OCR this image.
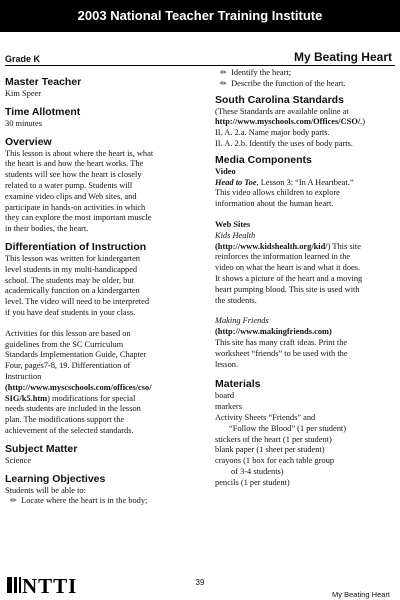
2003 National Teacher Training Institute
Grade K	My Beating Heart
Master Teacher

Kim Speer

Time Allotment

30 minutes

Overview

This lesson is about where the heart is, what

the heart is and how the heart works. The

students will see how the heart is closely

related to a water pump. Students will

examine video clips and Web sites, and

participate in hands-on activities in which

they can explore the most important muscle

in their bodies, the heart.

Differentiation of Instruction

This lesson was written for kindergarten

level students in my multi-handicapped

school. The students may be older, but

academically function on a kindergarten

level. The video will need to be interpreted

if you have deaf students in your class.

Activities for this lesson are based on

guidelines from the SC Curriculum

Standards Implementation Guide, Chapter

Four, pages7-8, 19. Differentiation of

Instruction

(http://www.myscschools.com/offices/cso/

SIG/k5.htm) modifications for special

needs students are included in the lesson

plan. The modifications support the

achievement of the selected standards.

Subject Matter

Science

Learning Objectives

Students will be able to:

✏ Locate where the heart is in the body;

✏ Identify the heart;

✏ Describe the function of the heart.

South Carolina Standards

(These Standards are available online at

http://www.myschools.com/Offices/CSO/.)

II. A. 2.a. Name major body parts.

II. A. 2.b. Identify the uses of body parts.

Media Components

Video

Head to Toe, Lesson 3: “In A Heartbeat.”

This video allows children to explore

information about the human heart.

Web Sites

Kids Health

(http://www.kidshealth.org/kid/) This site

reinforces the information learned in the

video on what the heart is and what it does.

It shows a picture of the heart and a moving

heart pumping blood. This site is used with

the students.

Making Friends

(http://www.makingfriends.com)

This site has many craft ideas. Print the

worksheet “friends” to be used with the

lesson.

Materials

board

markers

Activity Sheets “Friends” and

“Follow the Blood” (1 per student)

stickers of the heart (1 per student)

blank paper (1 sheet per student)

crayons (1 box for each table group

of 3-4 students)

pencils (1 per student)

NTTI	39
My Beating Heart
